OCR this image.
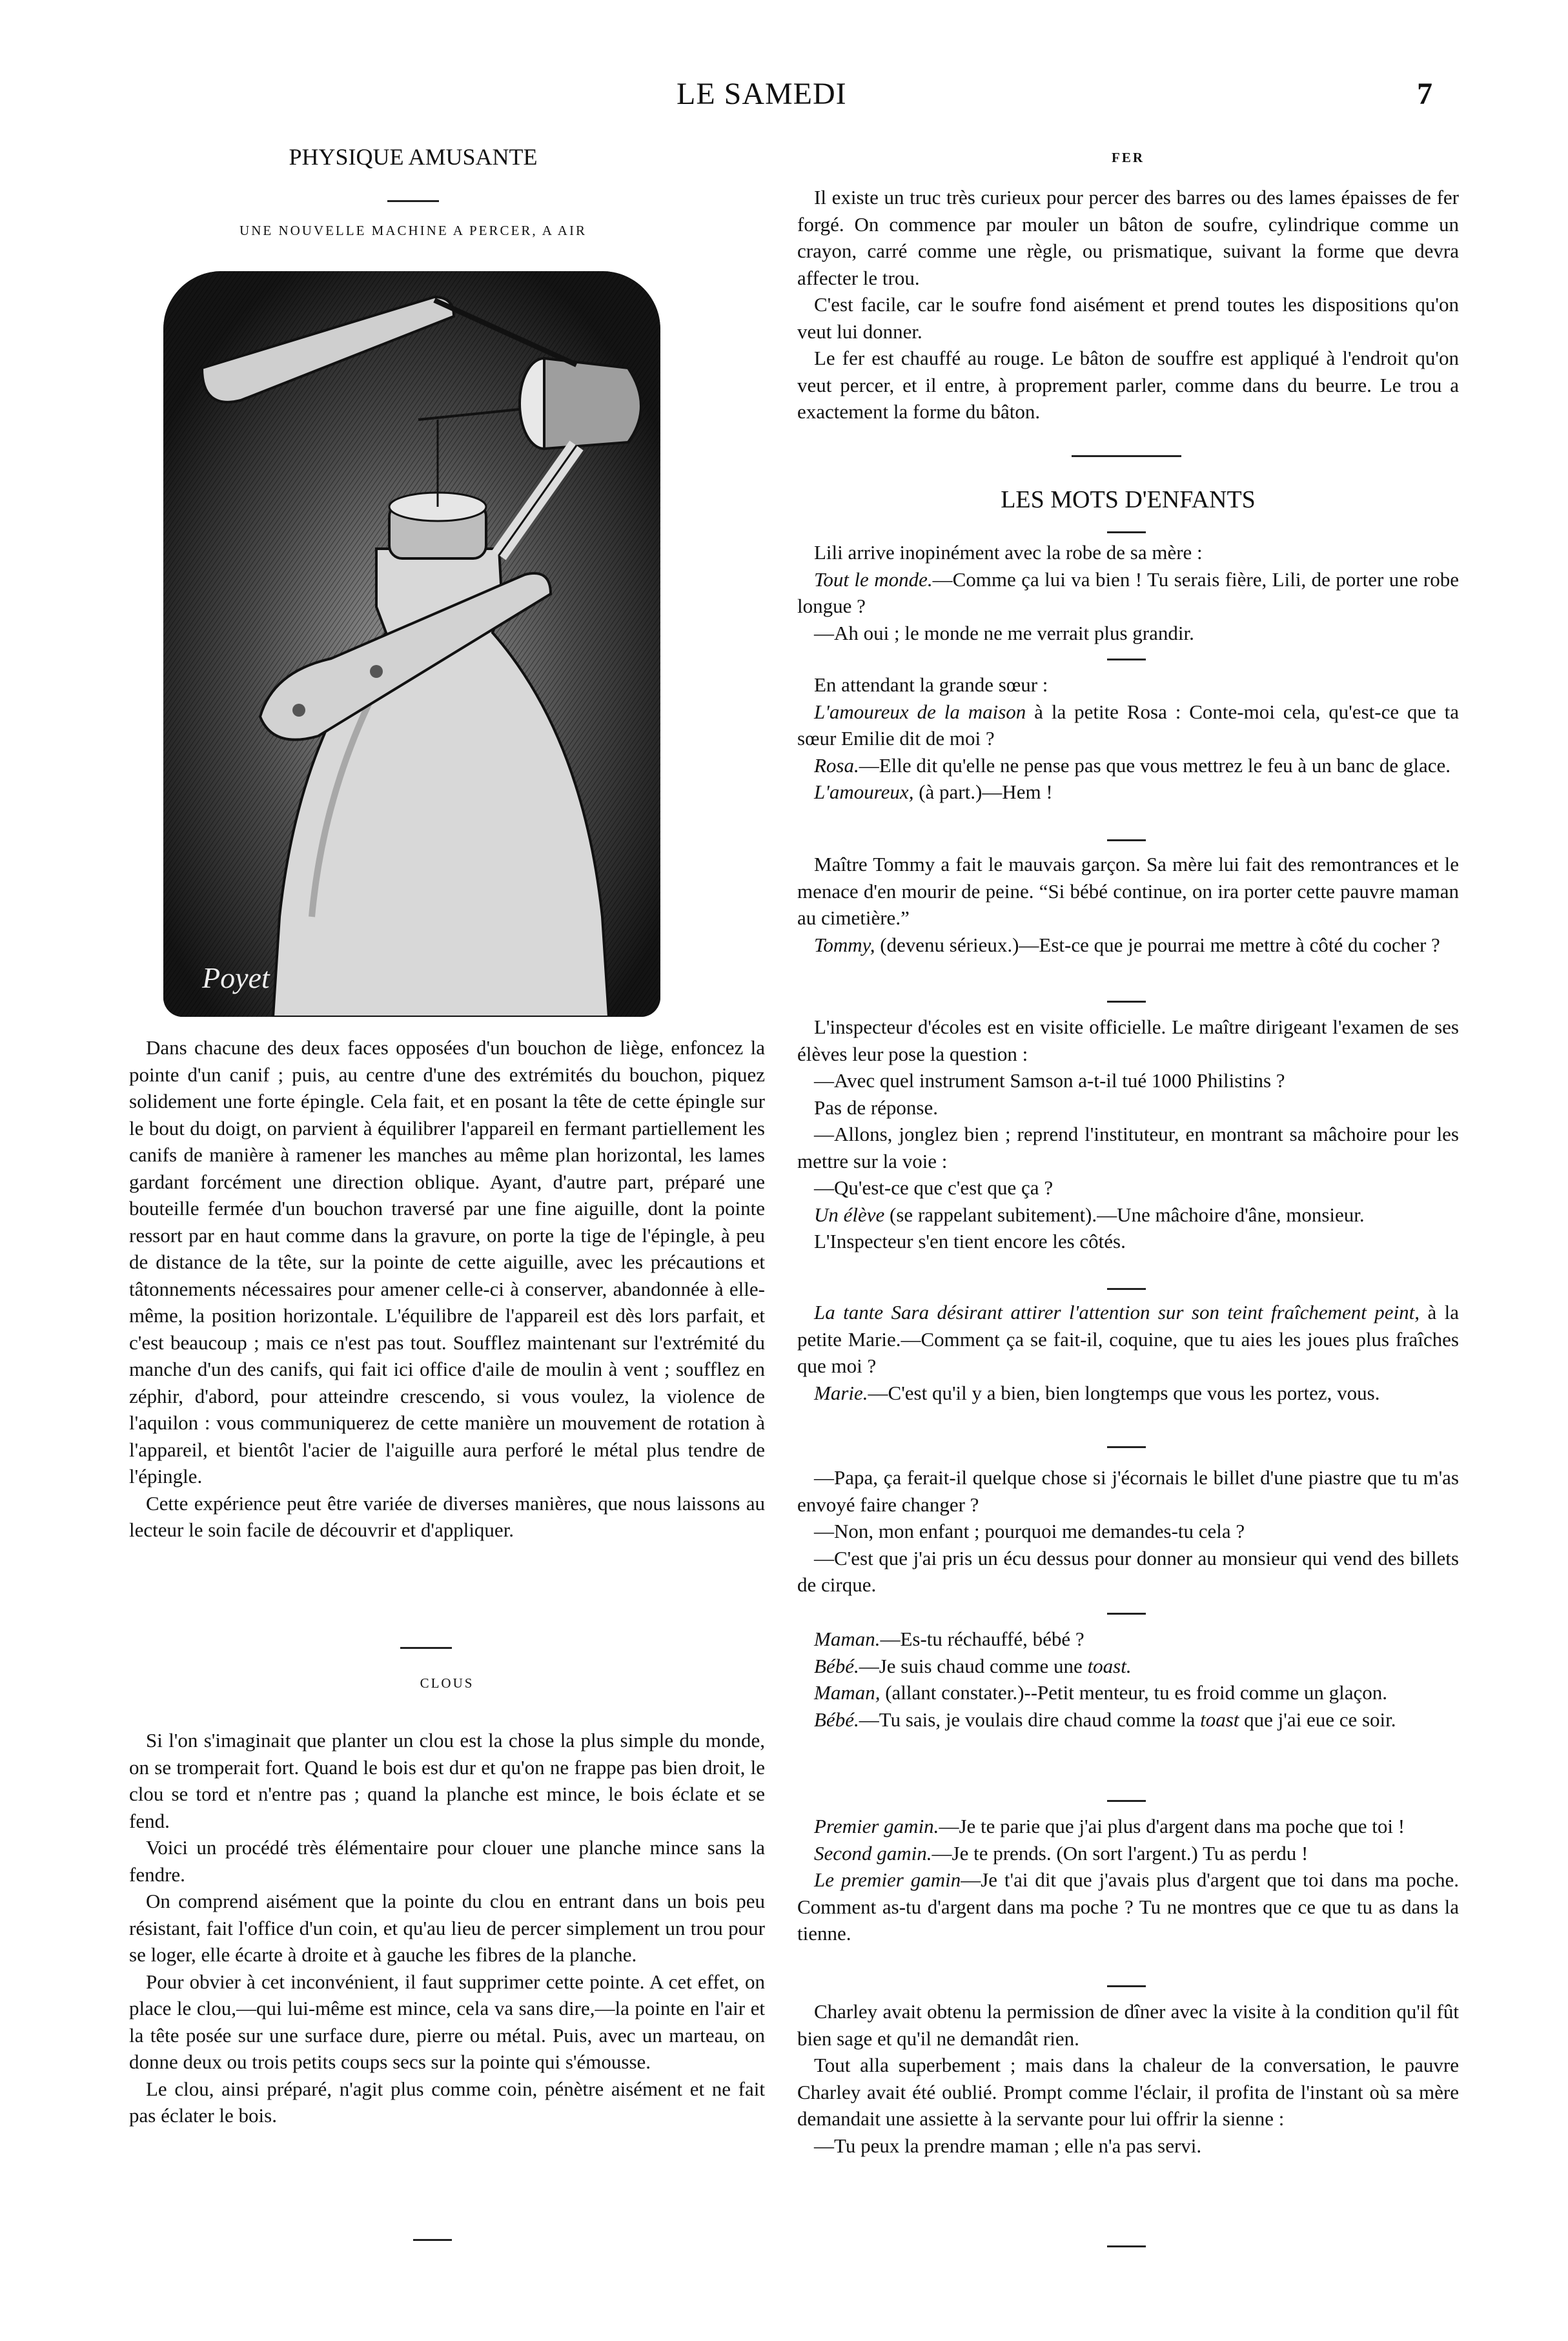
LE SAMEDI	7
PHYSIQUE AMUSANTE
UNE NOUVELLE MACHINE A PERCER, A AIR
Poyet

Dans chacune des deux faces opposées d'un bouchon de liège, enfoncez la pointe d'un canif ; puis, au centre d'une des extrémités du bouchon, piquez solidement une forte épingle. Cela fait, et en posant la tête de cette épingle sur le bout du doigt, on parvient à équilibrer l'appareil en fermant partiellement les canifs de manière à ramener les manches au même plan horizontal, les lames gardant forcément une direction oblique. Ayant, d'autre part, préparé une bouteille fermée d'un bouchon traversé par une fine aiguille, dont la pointe ressort par en haut comme dans la gravure, on porte la tige de l'épingle, à peu de distance de la tête, sur la pointe de cette aiguille, avec les précautions et tâtonnements nécessaires pour amener celle-ci à conserver, abandonnée à elle-même, la position horizontale. L'équilibre de l'appareil est dès lors parfait, et c'est beaucoup ; mais ce n'est pas tout. Soufflez maintenant sur l'extrémité du manche d'un des canifs, qui fait ici office d'aile de moulin à vent ; soufflez en zéphir, d'abord, pour atteindre crescendo, si vous voulez, la violence de l'aquilon : vous communiquerez de cette manière un mouvement de rotation à l'appareil, et bientôt l'acier de l'aiguille aura perforé le métal plus tendre de l'épingle.

Cette expérience peut être variée de diverses manières, que nous laissons au lecteur le soin facile de découvrir et d'appliquer.

CLOUS

Si l'on s'imaginait que planter un clou est la chose la plus simple du monde, on se tromperait fort. Quand le bois est dur et qu'on ne frappe pas bien droit, le clou se tord et n'entre pas ; quand la planche est mince, le bois éclate et se fend.

Voici un procédé très élémentaire pour clouer une planche mince sans la fendre.

On comprend aisément que la pointe du clou en entrant dans un bois peu résistant, fait l'office d'un coin, et qu'au lieu de percer simplement un trou pour se loger, elle écarte à droite et à gauche les fibres de la planche.

Pour obvier à cet inconvénient, il faut supprimer cette pointe. A cet effet, on place le clou,—qui lui-même est mince, cela va sans dire,—la pointe en l'air et la tête posée sur une surface dure, pierre ou métal. Puis, avec un marteau, on donne deux ou trois petits coups secs sur la pointe qui s'émousse.

Le clou, ainsi préparé, n'agit plus comme coin, pénètre aisément et ne fait pas éclater le bois.

FER

Il existe un truc très curieux pour percer des barres ou des lames épaisses de fer forgé. On commence par mouler un bâton de soufre, cylindrique comme un crayon, carré comme une règle, ou prismatique, suivant la forme que devra affecter le trou.

C'est facile, car le soufre fond aisément et prend toutes les dispositions qu'on veut lui donner.

Le fer est chauffé au rouge. Le bâton de souffre est appliqué à l'endroit qu'on veut percer, et il entre, à proprement parler, comme dans du beurre. Le trou a exactement la forme du bâton.

LES MOTS D'ENFANTS

Lili arrive inopinément avec la robe de sa mère :

Tout le monde.—Comme ça lui va bien ! Tu serais fière, Lili, de porter une robe longue ?

—Ah oui ; le monde ne me verrait plus grandir.

En attendant la grande sœur :

L'amoureux de la maison à la petite Rosa : Conte-moi cela, qu'est-ce que ta sœur Emilie dit de moi ?

Rosa.—Elle dit qu'elle ne pense pas que vous mettrez le feu à un banc de glace.

L'amoureux, (à part.)—Hem !

Maître Tommy a fait le mauvais garçon. Sa mère lui fait des remontrances et le menace d'en mourir de peine. “Si bébé continue, on ira porter cette pauvre maman au cimetière.”

Tommy, (devenu sérieux.)—Est-ce que je pourrai me mettre à côté du cocher ?

L'inspecteur d'écoles est en visite officielle. Le maître dirigeant l'examen de ses élèves leur pose la question :

—Avec quel instrument Samson a-t-il tué 1000 Philistins ?

Pas de réponse.

—Allons, jonglez bien ; reprend l'instituteur, en montrant sa mâchoire pour les mettre sur la voie :

—Qu'est-ce que c'est que ça ?

Un élève (se rappelant subitement).—Une mâchoire d'âne, monsieur.

L'Inspecteur s'en tient encore les côtés.

La tante Sara désirant attirer l'attention sur son teint fraîchement peint, à la petite Marie.—Comment ça se fait-il, coquine, que tu aies les joues plus fraîches que moi ?

Marie.—C'est qu'il y a bien, bien longtemps que vous les portez, vous.

—Papa, ça ferait-il quelque chose si j'écornais le billet d'une piastre que tu m'as envoyé faire changer ?

—Non, mon enfant ; pourquoi me demandes-tu cela ?

—C'est que j'ai pris un écu dessus pour donner au monsieur qui vend des billets de cirque.

Maman.—Es-tu réchauffé, bébé ?

Bébé.—Je suis chaud comme une toast.

Maman, (allant constater.)--Petit menteur, tu es froid comme un glaçon.

Bébé.—Tu sais, je voulais dire chaud comme la toast que j'ai eue ce soir.

Premier gamin.—Je te parie que j'ai plus d'argent dans ma poche que toi !

Second gamin.—Je te prends. (On sort l'argent.) Tu as perdu !

Le premier gamin—Je t'ai dit que j'avais plus d'argent que toi dans ma poche. Comment as-tu d'argent dans ma poche ? Tu ne montres que ce que tu as dans la tienne.

Charley avait obtenu la permission de dîner avec la visite à la condition qu'il fût bien sage et qu'il ne demandât rien.

Tout alla superbement ; mais dans la chaleur de la conversation, le pauvre Charley avait été oublié. Prompt comme l'éclair, il profita de l'instant où sa mère demandait une assiette à la servante pour lui offrir la sienne :

—Tu peux la prendre maman ; elle n'a pas servi.
